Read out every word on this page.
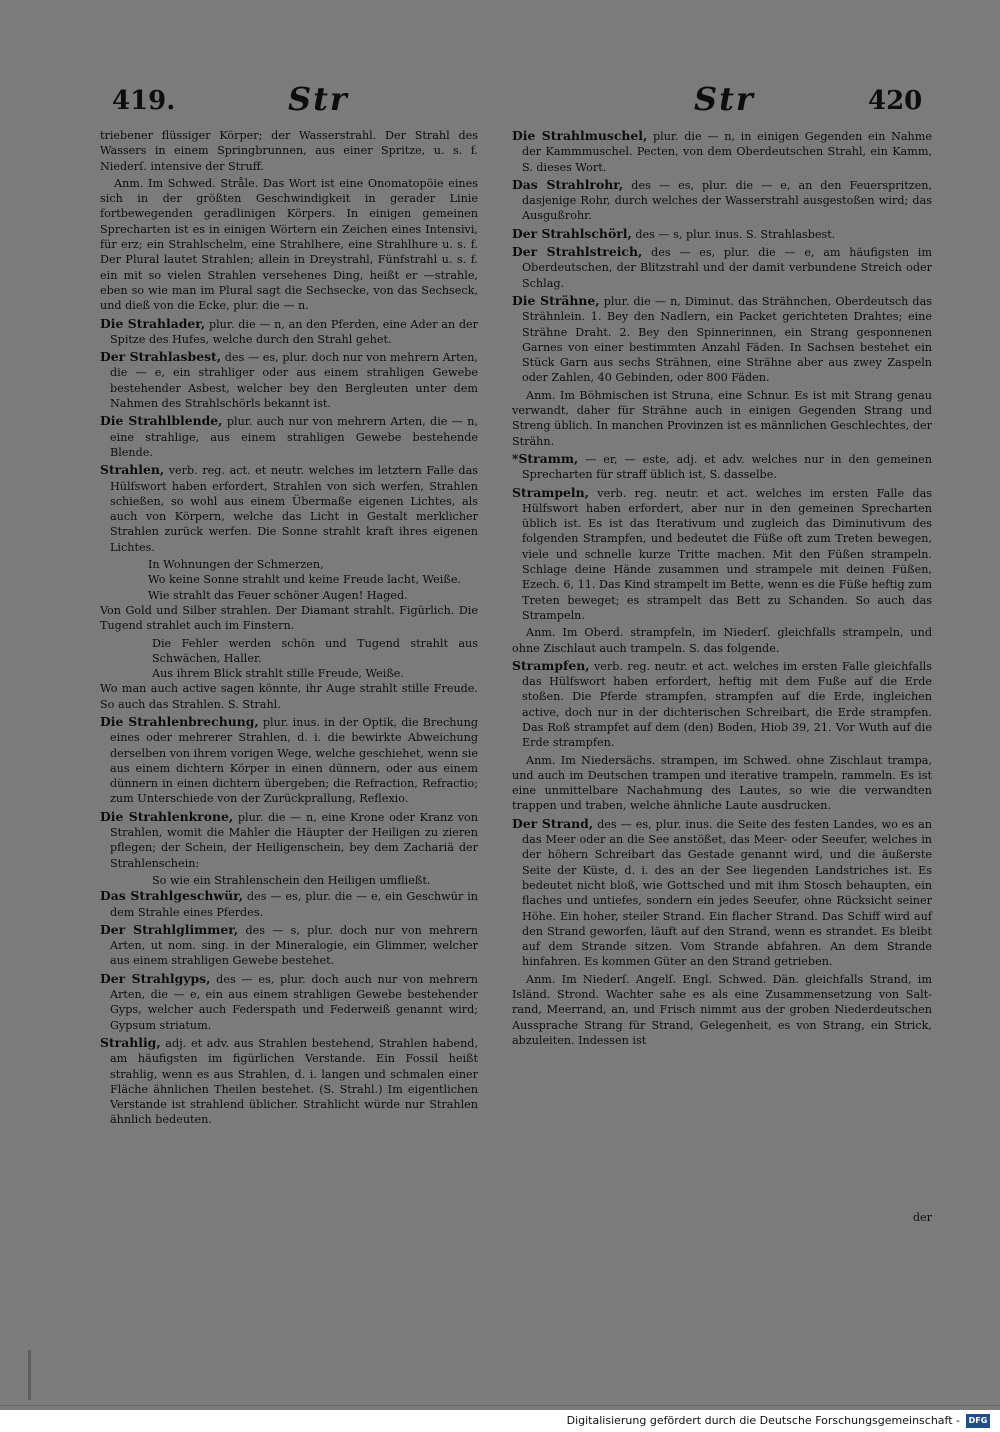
419.	Str	Str	420

triebener flüssiger Körper; der Wasserstrahl. Der Strahl des Wassers in einem Springbrunnen, aus einer Spritze, u. s. f. Niederſ. intensive der Struff.

Anm. Im Schwed. Stråle. Das Wort ist eine Onomatopöie eines sich in der größten Geschwindigkeit in gerader Linie fortbewegenden geradlinigen Körpers. In einigen gemeinen Sprecharten ist es in einigen Wörtern ein Zeichen eines Intensivi, für erz; ein Strahlschelm, eine Strahlhere, eine Strahlhure u. s. f. Der Plural lautet Strahlen; allein in Dreystrahl, Fünfstrahl u. s. f. ein mit so vielen Strahlen versehenes Ding, heißt er —strahle, eben so wie man im Plural sagt die Sechsecke, von das Sechseck, und dieß von die Ecke, plur. die — n.

Die Strahlader, plur. die — n, an den Pferden, eine Ader an der Spitze des Hufes, welche durch den Strahl gehet.

Der Strahlasbest, des — es, plur. doch nur von mehrern Arten, die — e, ein strahliger oder aus einem strahligen Gewebe bestehender Asbest, welcher bey den Bergleuten unter dem Nahmen des Strahlschörls bekannt ist.

Die Strahlblende, plur. auch nur von mehrern Arten, die — n, eine strahlige, aus einem strahligen Gewebe bestehende Blende.

Strahlen, verb. reg. act. et neutr. welches im letztern Falle das Hülfswort haben erfordert, Strahlen von sich werfen, Strahlen schießen, so wohl aus einem Übermaße eigenen Lichtes, als auch von Körpern, welche das Licht in Gestalt merklicher Strahlen zurück werfen. Die Sonne strahlt kraft ihres eigenen Lichtes.

In Wohnungen der Schmerzen,
Wo keine Sonne strahlt und keine Freude lacht, Weiße.
Wie strahlt das Feuer schöner Augen! Haged.

Von Gold und Silber strahlen. Der Diamant strahlt. Figürlich. Die Tugend strahlet auch im Finstern.

Die Fehler werden schön und Tugend strahlt aus Schwächen, Haller.
Aus ihrem Blick strahlt stille Freude, Weiße.

Wo man auch active sagen könnte, ihr Auge strahlt stille Freude. So auch das Strahlen. S. Strahl.

Die Strahlenbrechung, plur. inus. in der Optik, die Brechung eines oder mehrerer Strahlen, d. i. die bewirkte Abweichung derselben von ihrem vorigen Wege, welche geschiehet, wenn sie aus einem dichtern Körper in einen dünnern, oder aus einem dünnern in einen dichtern übergeben; die Refraction, Refractio; zum Unterschiede von der Zurückprallung, Reflexio.

Die Strahlenkrone, plur. die — n, eine Krone oder Kranz von Strahlen, womit die Mahler die Häupter der Heiligen zu zieren pflegen; der Schein, der Heiligenschein, bey dem Zachariä der Strahlenschein:

So wie ein Strahlenschein den Heiligen umfließt.

Das Strahlgeschwür, des — es, plur. die — e, ein Geschwür in dem Strahle eines Pferdes.

Der Strahlglimmer, des — s, plur. doch nur von mehrern Arten, ut nom. sing. in der Mineralogie, ein Glimmer, welcher aus einem strahligen Gewebe bestehet.

Der Strahlgyps, des — es, plur. doch auch nur von mehrern Arten, die — e, ein aus einem strahligen Gewebe bestehender Gyps, welcher auch Federspath und Federweiß genannt wird; Gypsum striatum.

Strahlig, adj. et adv. aus Strahlen bestehend, Strahlen habend, am häufigsten im figürlichen Verstande. Ein Fossil heißt strahlig, wenn es aus Strahlen, d. i. langen und schmalen einer Fläche ähnlichen Theilen bestehet. (S. Strahl.) Im eigentlichen Verstande ist strahlend üblicher. Strahlicht würde nur Strahlen ähnlich bedeuten.

Die Strahlmuschel, plur. die — n, in einigen Gegenden ein Nahme der Kammmuschel. Pecten, von dem Oberdeutschen Strahl, ein Kamm, S. dieses Wort.

Das Strahlrohr, des — es, plur. die — e, an den Feuerspritzen, dasjenige Rohr, durch welches der Wasserstrahl ausgestoßen wird; das Ausgußrohr.

Der Strahlschörl, des — s, plur. inus. S. Strahlasbest.

Der Strahlstreich, des — es, plur. die — e, am häufigsten im Oberdeutschen, der Blitzstrahl und der damit verbundene Streich oder Schlag.

Die Strähne, plur. die — n, Diminut. das Strähnchen, Oberdeutsch das Strähnlein. 1. Bey den Nadlern, ein Packet gerichteten Drahtes; eine Strähne Draht. 2. Bey den Spinnerinnen, ein Strang gesponnenen Garnes von einer bestimmten Anzahl Fäden. In Sachsen bestehet ein Stück Garn aus sechs Strähnen, eine Strähne aber aus zwey Zaspeln oder Zahlen, 40 Gebinden, oder 800 Fäden.

Anm. Im Böhmischen ist Struna, eine Schnur. Es ist mit Strang genau verwandt, daher für Strähne auch in einigen Gegenden Strang und Streng üblich. In manchen Provinzen ist es männlichen Geschlechtes, der Strähn.

*Stramm, — er, — este, adj. et adv. welches nur in den gemeinen Sprecharten für straff üblich ist, S. dasselbe.

Strampeln, verb. reg. neutr. et act. welches im ersten Falle das Hülfswort haben erfordert, aber nur in den gemeinen Sprecharten üblich ist. Es ist das Iterativum und zugleich das Diminutivum des folgenden Strampfen, und bedeutet die Füße oft zum Treten bewegen, viele und schnelle kurze Tritte machen. Mit den Füßen strampeln. Schlage deine Hände zusammen und strampele mit deinen Füßen, Ezech. 6, 11. Das Kind strampelt im Bette, wenn es die Füße heftig zum Treten beweget; es strampelt das Bett zu Schanden. So auch das Strampeln.

Anm. Im Oberd. strampfeln, im Niederſ. gleichfalls strampeln, und ohne Zischlaut auch trampeln. S. das folgende.

Strampfen, verb. reg. neutr. et act. welches im ersten Falle gleichfalls das Hülfswort haben erfordert, heftig mit dem Fuße auf die Erde stoßen. Die Pferde strampfen, strampfen auf die Erde, ingleichen active, doch nur in der dichterischen Schreibart, die Erde strampfen. Das Roß strampfet auf dem (den) Boden, Hiob 39, 21. Vor Wuth auf die Erde strampfen.

Anm. Im Niedersächs. strampen, im Schwed. ohne Zischlaut trampa, und auch im Deutschen trampen und iterative trampeln, rammeln. Es ist eine unmittelbare Nachahmung des Lautes, so wie die verwandten trappen und traben, welche ähnliche Laute ausdrucken.

Der Strand, des — es, plur. inus. die Seite des festen Landes, wo es an das Meer oder an die See anstößet, das Meer- oder Seeufer, welches in der höhern Schreibart das Gestade genannt wird, und die äußerste Seite der Küste, d. i. des an der See liegenden Landstriches ist. Es bedeutet nicht bloß, wie Gottsched und mit ihm Stosch behaupten, ein flaches und untiefes, sondern ein jedes Seeufer, ohne Rücksicht seiner Höhe. Ein hoher, steiler Strand. Ein flacher Strand. Das Schiff wird auf den Strand geworfen, läuft auf den Strand, wenn es strandet. Es bleibt auf dem Strande sitzen. Vom Strande abfahren. An dem Strande hinfahren. Es kommen Güter an den Strand getrieben.

Anm. Im Niederſ. Angelſ. Engl. Schwed. Dän. gleichfalls Strand, im Isländ. Strond. Wachter sahe es als eine Zusammensetzung von Salt-rand, Meerrand, an, und Frisch nimmt aus der groben Niederdeutschen Aussprache Strang für Strand, Gelegenheit, es von Strang, ein Strick, abzuleiten. Indessen ist

der
Digitalisierung gefördert durch die Deutsche Forschungsgemeinschaft -	DFG
